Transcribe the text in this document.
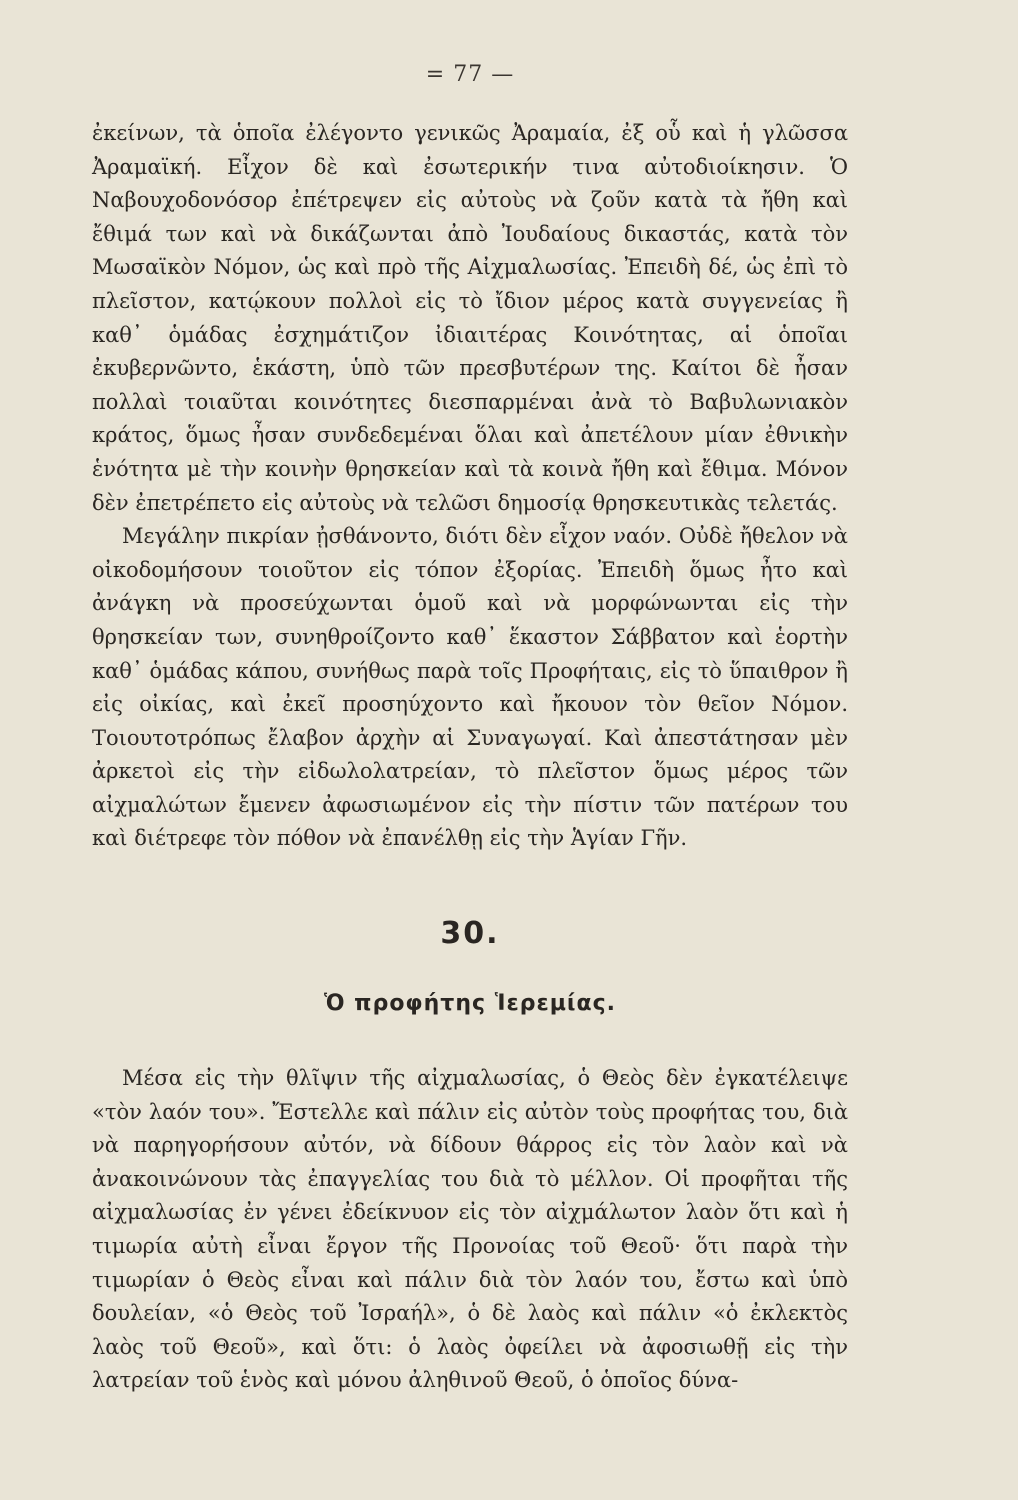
= 77 —

ἐκείνων, τὰ ὁποῖα ἐλέγοντο γενικῶς Ἀραμαία, ἐξ οὗ καὶ ἡ γλῶσσα Ἀραμαϊκή. Εἶχον δὲ καὶ ἐσωτερικήν τινα αὐτοδιοίκησιν. Ὁ Ναβουχοδονόσορ ἐπέτρεψεν εἰς αὐτοὺς νὰ ζοῦν κατὰ τὰ ἤθη καὶ ἔθιμά των καὶ νὰ δικάζωνται ἀπὸ Ἰουδαίους δικαστάς, κατὰ τὸν Μωσαϊκὸν Νόμον, ὡς καὶ πρὸ τῆς Αἰχμαλωσίας. Ἐπειδὴ δέ, ὡς ἐπὶ τὸ πλεῖστον, κατῴκουν πολλοὶ εἰς τὸ ἴδιον μέρος κατὰ συγγενείας ἢ καθ᾽ ὁμάδας ἐσχημάτιζον ἰδιαιτέρας Κοινότητας, αἱ ὁποῖαι ἐκυβερνῶντο, ἑκάστη, ὑπὸ τῶν πρεσβυτέρων της. Καίτοι δὲ ἦσαν πολλαὶ τοιαῦται κοινότητες διεσπαρμέναι ἀνὰ τὸ Βαβυλωνιακὸν κράτος, ὅμως ἦσαν συνδεδεμέναι ὅλαι καὶ ἀπετέλουν μίαν ἐθνικὴν ἑνότητα μὲ τὴν κοινὴν θρησκείαν καὶ τὰ κοινὰ ἤθη καὶ ἔθιμα. Μόνον δὲν ἐπετρέπετο εἰς αὐτοὺς νὰ τελῶσι δημοσίᾳ θρησκευτικὰς τελετάς.

Μεγάλην πικρίαν ᾐσθάνοντο, διότι δὲν εἶχον ναόν. Οὐδὲ ἤθελον νὰ οἰκοδομήσουν τοιοῦτον εἰς τόπον ἐξορίας. Ἐπειδὴ ὅμως ἦτο καὶ ἀνάγκη νὰ προσεύχωνται ὁμοῦ καὶ νὰ μορφώνωνται εἰς τὴν θρησκείαν των, συνηθροίζοντο καθ᾽ ἕκαστον Σάββατον καὶ ἑορτὴν καθ᾽ ὁμάδας κάπου, συνήθως παρὰ τοῖς Προφήταις, εἰς τὸ ὕπαιθρον ἢ εἰς οἰκίας, καὶ ἐκεῖ προσηύχοντο καὶ ἤκουον τὸν θεῖον Νόμον. Τοιουτοτρόπως ἔλαβον ἀρχὴν αἱ Συναγωγαί. Καὶ ἀπεστάτησαν μὲν ἀρκετοὶ εἰς τὴν εἰδωλολατρείαν, τὸ πλεῖστον ὅμως μέρος τῶν αἰχμαλώτων ἔμενεν ἀφωσιωμένον εἰς τὴν πίστιν τῶν πατέρων του καὶ διέτρεφε τὸν πόθον νὰ ἐπανέλθῃ εἰς τὴν Ἁγίαν Γῆν.

30.
Ὁ προφήτης Ἱερεμίας.

Μέσα εἰς τὴν θλῖψιν τῆς αἰχμαλωσίας, ὁ Θεὸς δὲν ἐγκατέλειψε «τὸν λαόν του». Ἔστελλε καὶ πάλιν εἰς αὐτὸν τοὺς προφήτας του, διὰ νὰ παρηγορήσουν αὐτόν, νὰ δίδουν θάρρος εἰς τὸν λαὸν καὶ νὰ ἀνακοινώνουν τὰς ἐπαγγελίας του διὰ τὸ μέλλον. Οἱ προφῆται τῆς αἰχμαλωσίας ἐν γένει ἐδείκνυον εἰς τὸν αἰχμάλωτον λαὸν ὅτι καὶ ἡ τιμωρία αὐτὴ εἶναι ἔργον τῆς Προνοίας τοῦ Θεοῦ· ὅτι παρὰ τὴν τιμωρίαν ὁ Θεὸς εἶναι καὶ πάλιν διὰ τὸν λαόν του, ἔστω καὶ ὑπὸ δουλείαν, «ὁ Θεὸς τοῦ Ἰσραήλ», ὁ δὲ λαὸς καὶ πάλιν «ὁ ἐκλεκτὸς λαὸς τοῦ Θεοῦ», καὶ ὅτι: ὁ λαὸς ὀφείλει νὰ ἀφοσιωθῇ εἰς τὴν λατρείαν τοῦ ἑνὸς καὶ μόνου ἀληθινοῦ Θεοῦ, ὁ ὁποῖος δύνα-
